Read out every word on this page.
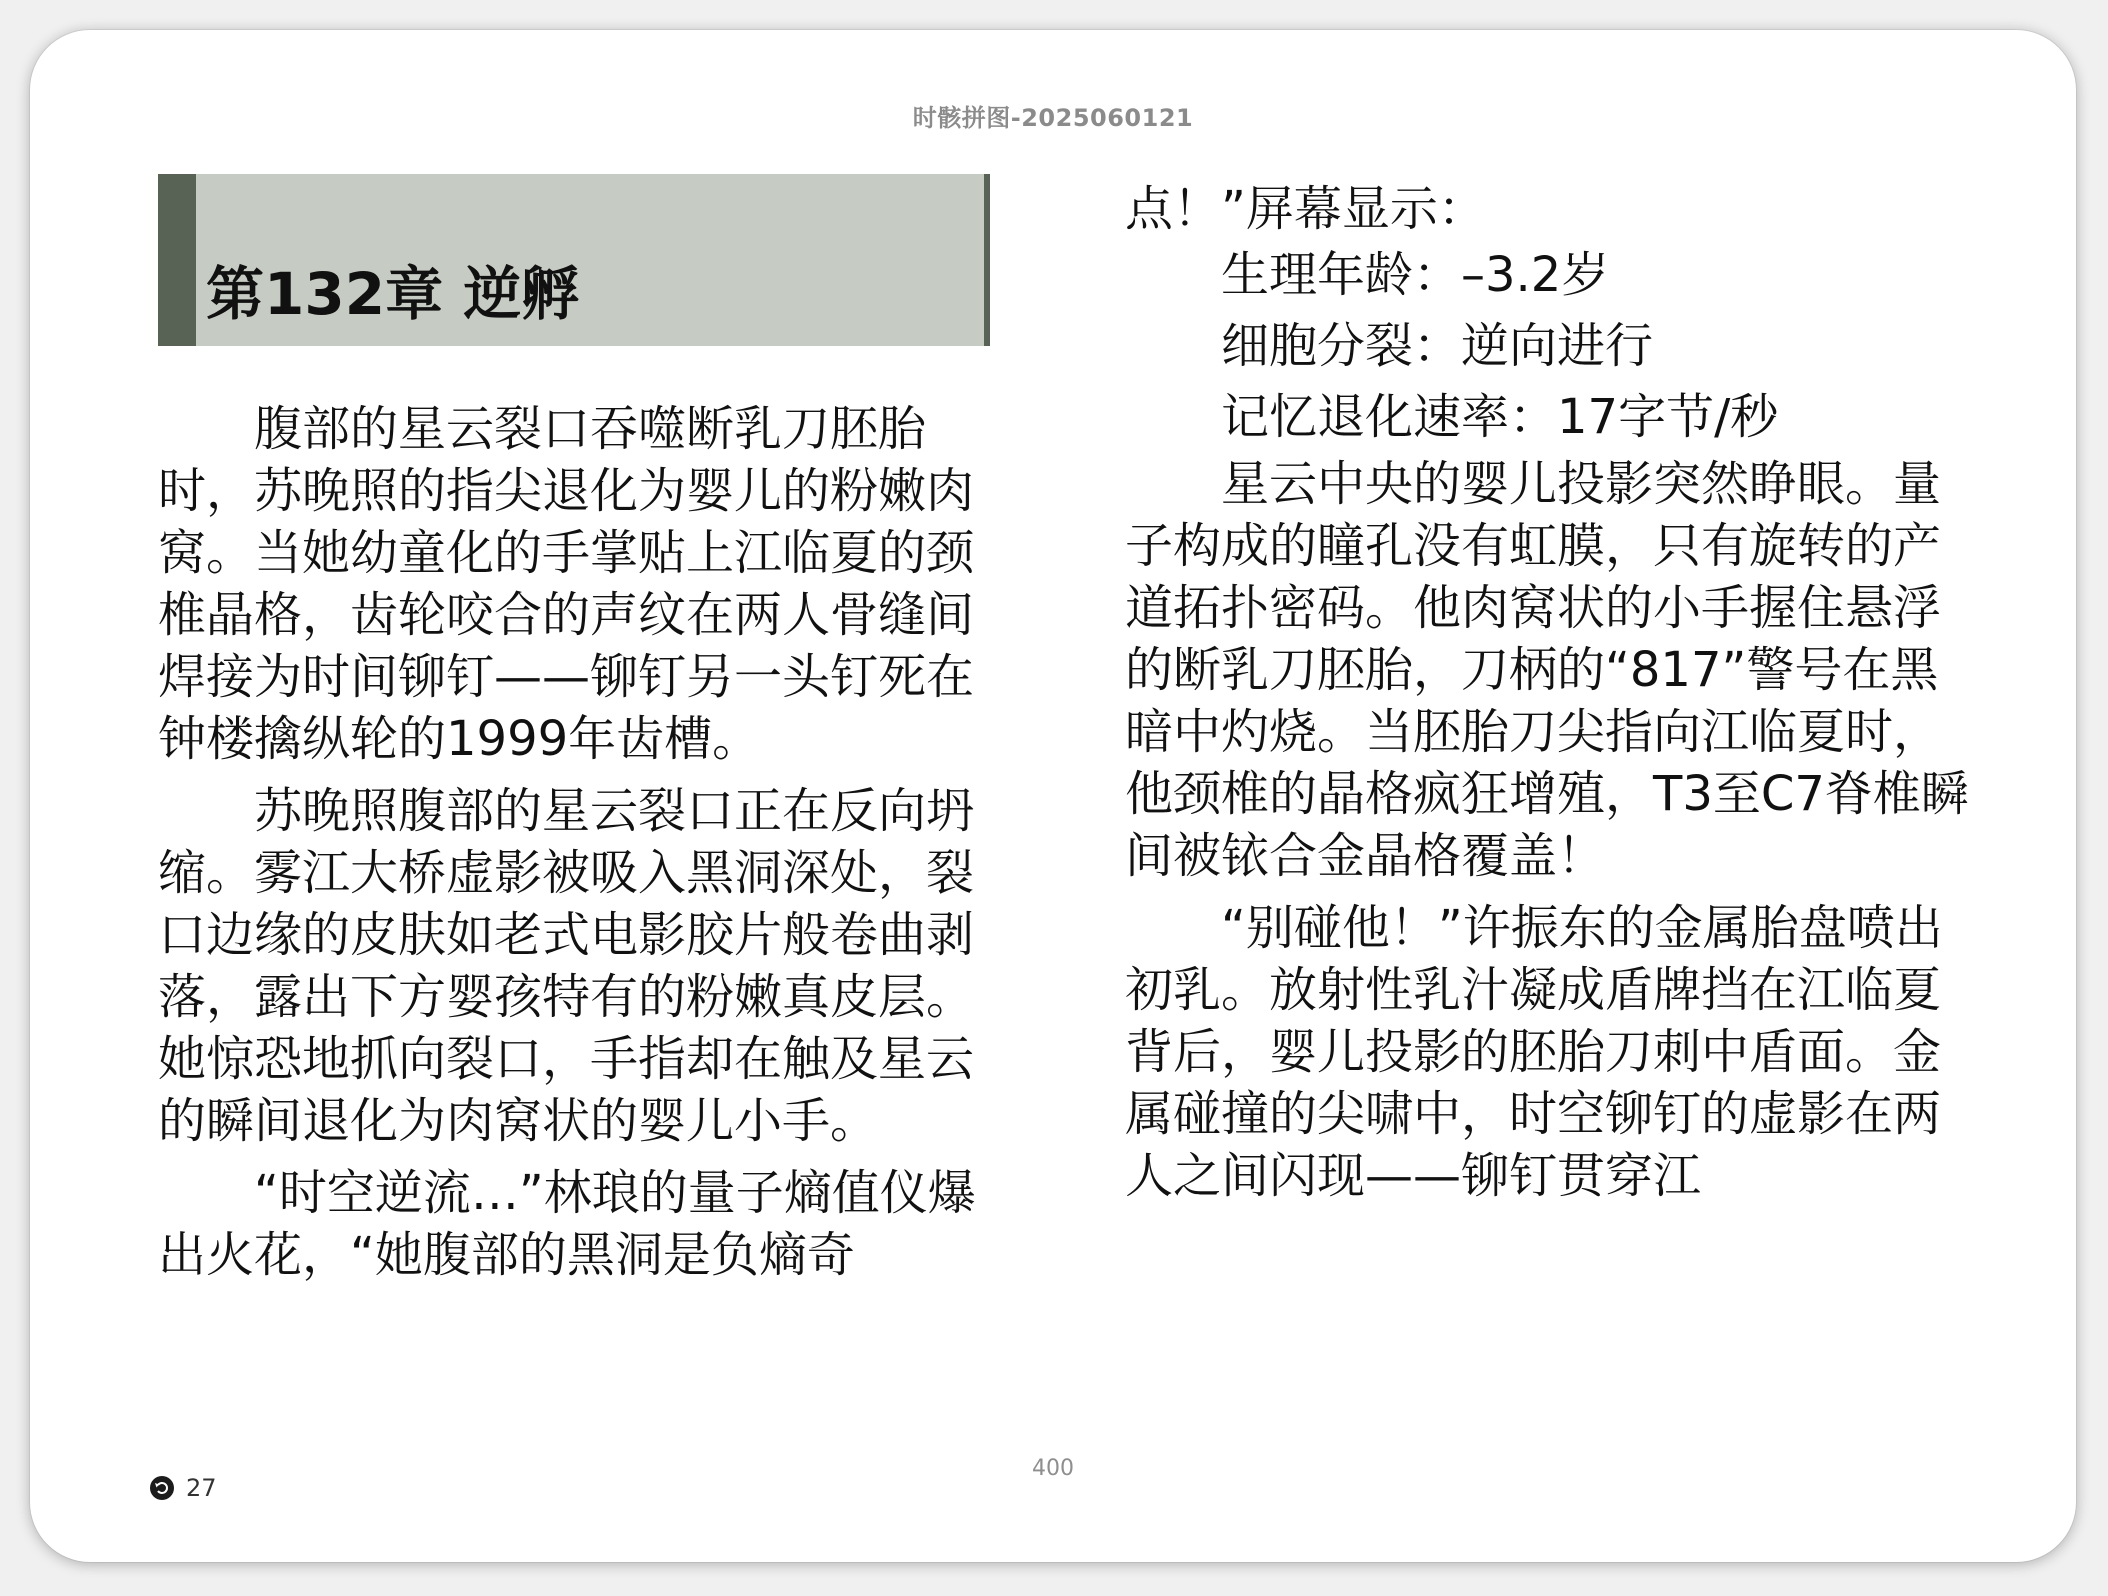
时骸拼图-2025060121
第132章 逆孵

腹部的星云裂口吞噬断乳刀胚胎时，苏晚照的指尖退化为婴儿的粉嫩肉窝。当她幼童化的手掌贴上江临夏的颈椎晶格，齿轮咬合的声纹在两人骨缝间焊接为时间铆钉——铆钉另一头钉死在钟楼擒纵轮的1999年齿槽。

苏晚照腹部的星云裂口正在反向坍缩。雾江大桥虚影被吸入黑洞深处，裂口边缘的皮肤如老式电影胶片般卷曲剥落，露出下方婴孩特有的粉嫩真皮层。她惊恐地抓向裂口，手指却在触及星云的瞬间退化为肉窝状的婴儿小手。

“时空逆流…”林琅的量子熵值仪爆出火花，“她腹部的黑洞是负熵奇

点！”屏幕显示：

生理年龄：–3.2岁

细胞分裂：逆向进行

记忆退化速率：17字节/秒

星云中央的婴儿投影突然睁眼。量子构成的瞳孔没有虹膜，只有旋转的产道拓扑密码。他肉窝状的小手握住悬浮的断乳刀胚胎，刀柄的“817”警号在黑暗中灼烧。当胚胎刀尖指向江临夏时，他颈椎的晶格疯狂增殖，T3至C7脊椎瞬间被铱合金晶格覆盖！

“别碰他！”许振东的金属胎盘喷出初乳。放射性乳汁凝成盾牌挡在江临夏背后，婴儿投影的胚胎刀刺中盾面。金属碰撞的尖啸中，时空铆钉的虚影在两人之间闪现——铆钉贯穿江

400
27
